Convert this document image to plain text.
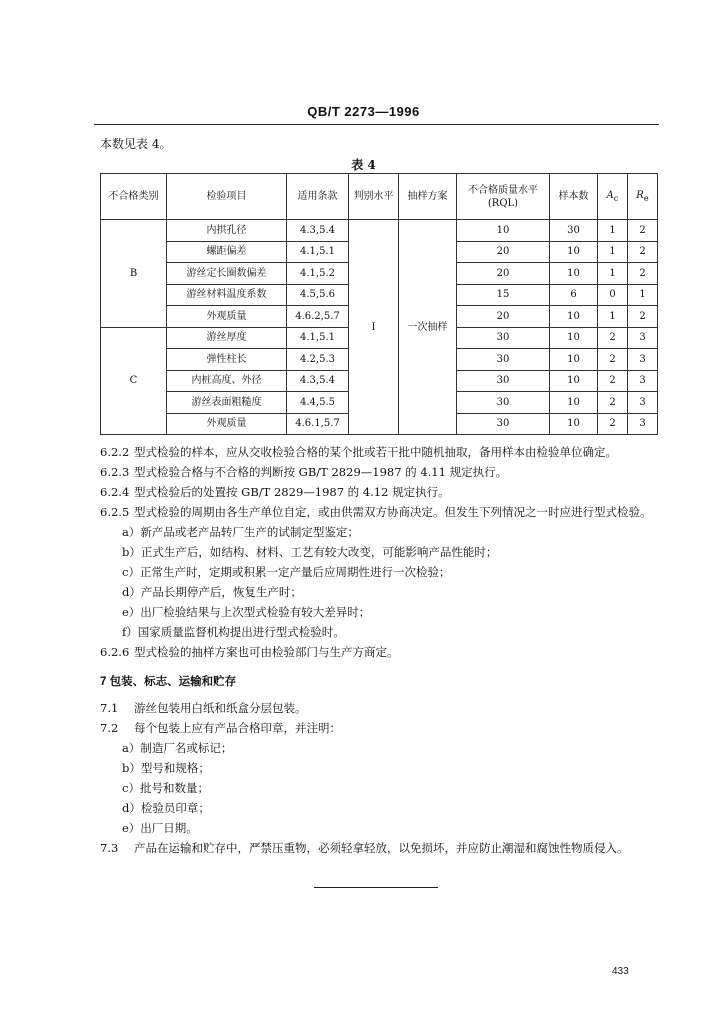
QB/T 2273—1996
本数见表 4。
表 4
不合格类别	检验项目	适用条款	判别水平	抽样方案	不合格质量水平(RQL)	样本数	$A_c$	$R_e$
B	内拱孔径	4.3,5.4	I	一次抽样	10	30	1	2
	螺距偏差	4.1,5.1			20	10	1	2
	游丝定长圈数偏差	4.1,5.2			20	10	1	2
	游丝材料温度系数	4.5,5.6			15	6	0	1
	外观质量	4.6.2,5.7			20	10	1	2
C	游丝厚度	4.1,5.1			30	10	2	3
	弹性柱长	4.2,5.3			30	10	2	3
	内桩高度、外径	4.3,5.4			30	10	2	3
	游丝表面粗糙度	4.4,5.5			30	10	2	3
	外观质量	4.6.1,5.7			30	10	2	3
6.2.2 型式检验的样本，应从交收检验合格的某个批或若干批中随机抽取，备用样本由检验单位确定。
6.2.3 型式检验合格与不合格的判断按 GB/T 2829—1987 的 4.11 规定执行。
6.2.4 型式检验后的处置按 GB/T 2829—1987 的 4.12 规定执行。
6.2.5 型式检验的周期由各生产单位自定，或由供需双方协商决定。但发生下列情况之一时应进行型式检验。
a）新产品或老产品转厂生产的试制定型鉴定；
b）正式生产后，如结构、材料、工艺有较大改变，可能影响产品性能时；
c）正常生产时，定期或积累一定产量后应周期性进行一次检验；
d）产品长期停产后，恢复生产时；
e）出厂检验结果与上次型式检验有较大差异时；
f）国家质量监督机构提出进行型式检验时。
6.2.6 型式检验的抽样方案也可由检验部门与生产方商定。
7 包装、标志、运输和贮存
7.1 游丝包装用白纸和纸盒分层包装。
7.2 每个包装上应有产品合格印章，并注明：
a）制造厂名或标记；
b）型号和规格；
c）批号和数量；
d）检验员印章；
e）出厂日期。
7.3 产品在运输和贮存中，严禁压重物，必须轻拿轻放，以免损坏，并应防止潮湿和腐蚀性物质侵入。
433
